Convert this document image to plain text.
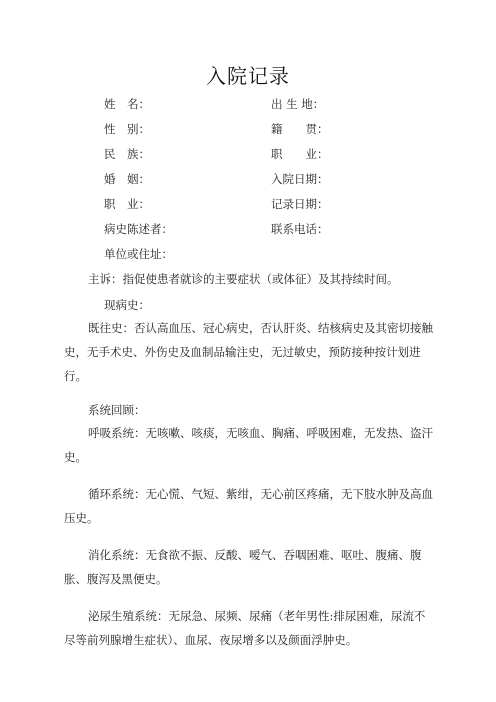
入院记录
姓　名：
性　别：
民　族：
婚　姻：
职　业：
病史陈述者：
出 生 地：
籍　　贯：
职　　业：
入院日期：
记录日期：
联系电话：
单位或住址：
主诉：指促使患者就诊的主要症状（或体征）及其持续时间。
现病史：
既往史：否认高血压、冠心病史，否认肝炎、结核病史及其密切接触史，无手术史、外伤史及血制品输注史，无过敏史，预防接种按计划进行。
系统回顾：
呼吸系统：无咳嗽、咳痰，无咳血、胸痛、呼吸困难，无发热、盗汗史。
循环系统：无心慌、气短、紫绀，无心前区疼痛，无下肢水肿及高血压史。
消化系统：无食欲不振、反酸、嗳气、吞咽困难、呕吐、腹痛、腹胀、腹泻及黑便史。
泌尿生殖系统：无尿急、尿频、尿痛（老年男性:排尿困难，尿流不尽等前列腺增生症状）、血尿、夜尿增多以及颜面浮肿史。
